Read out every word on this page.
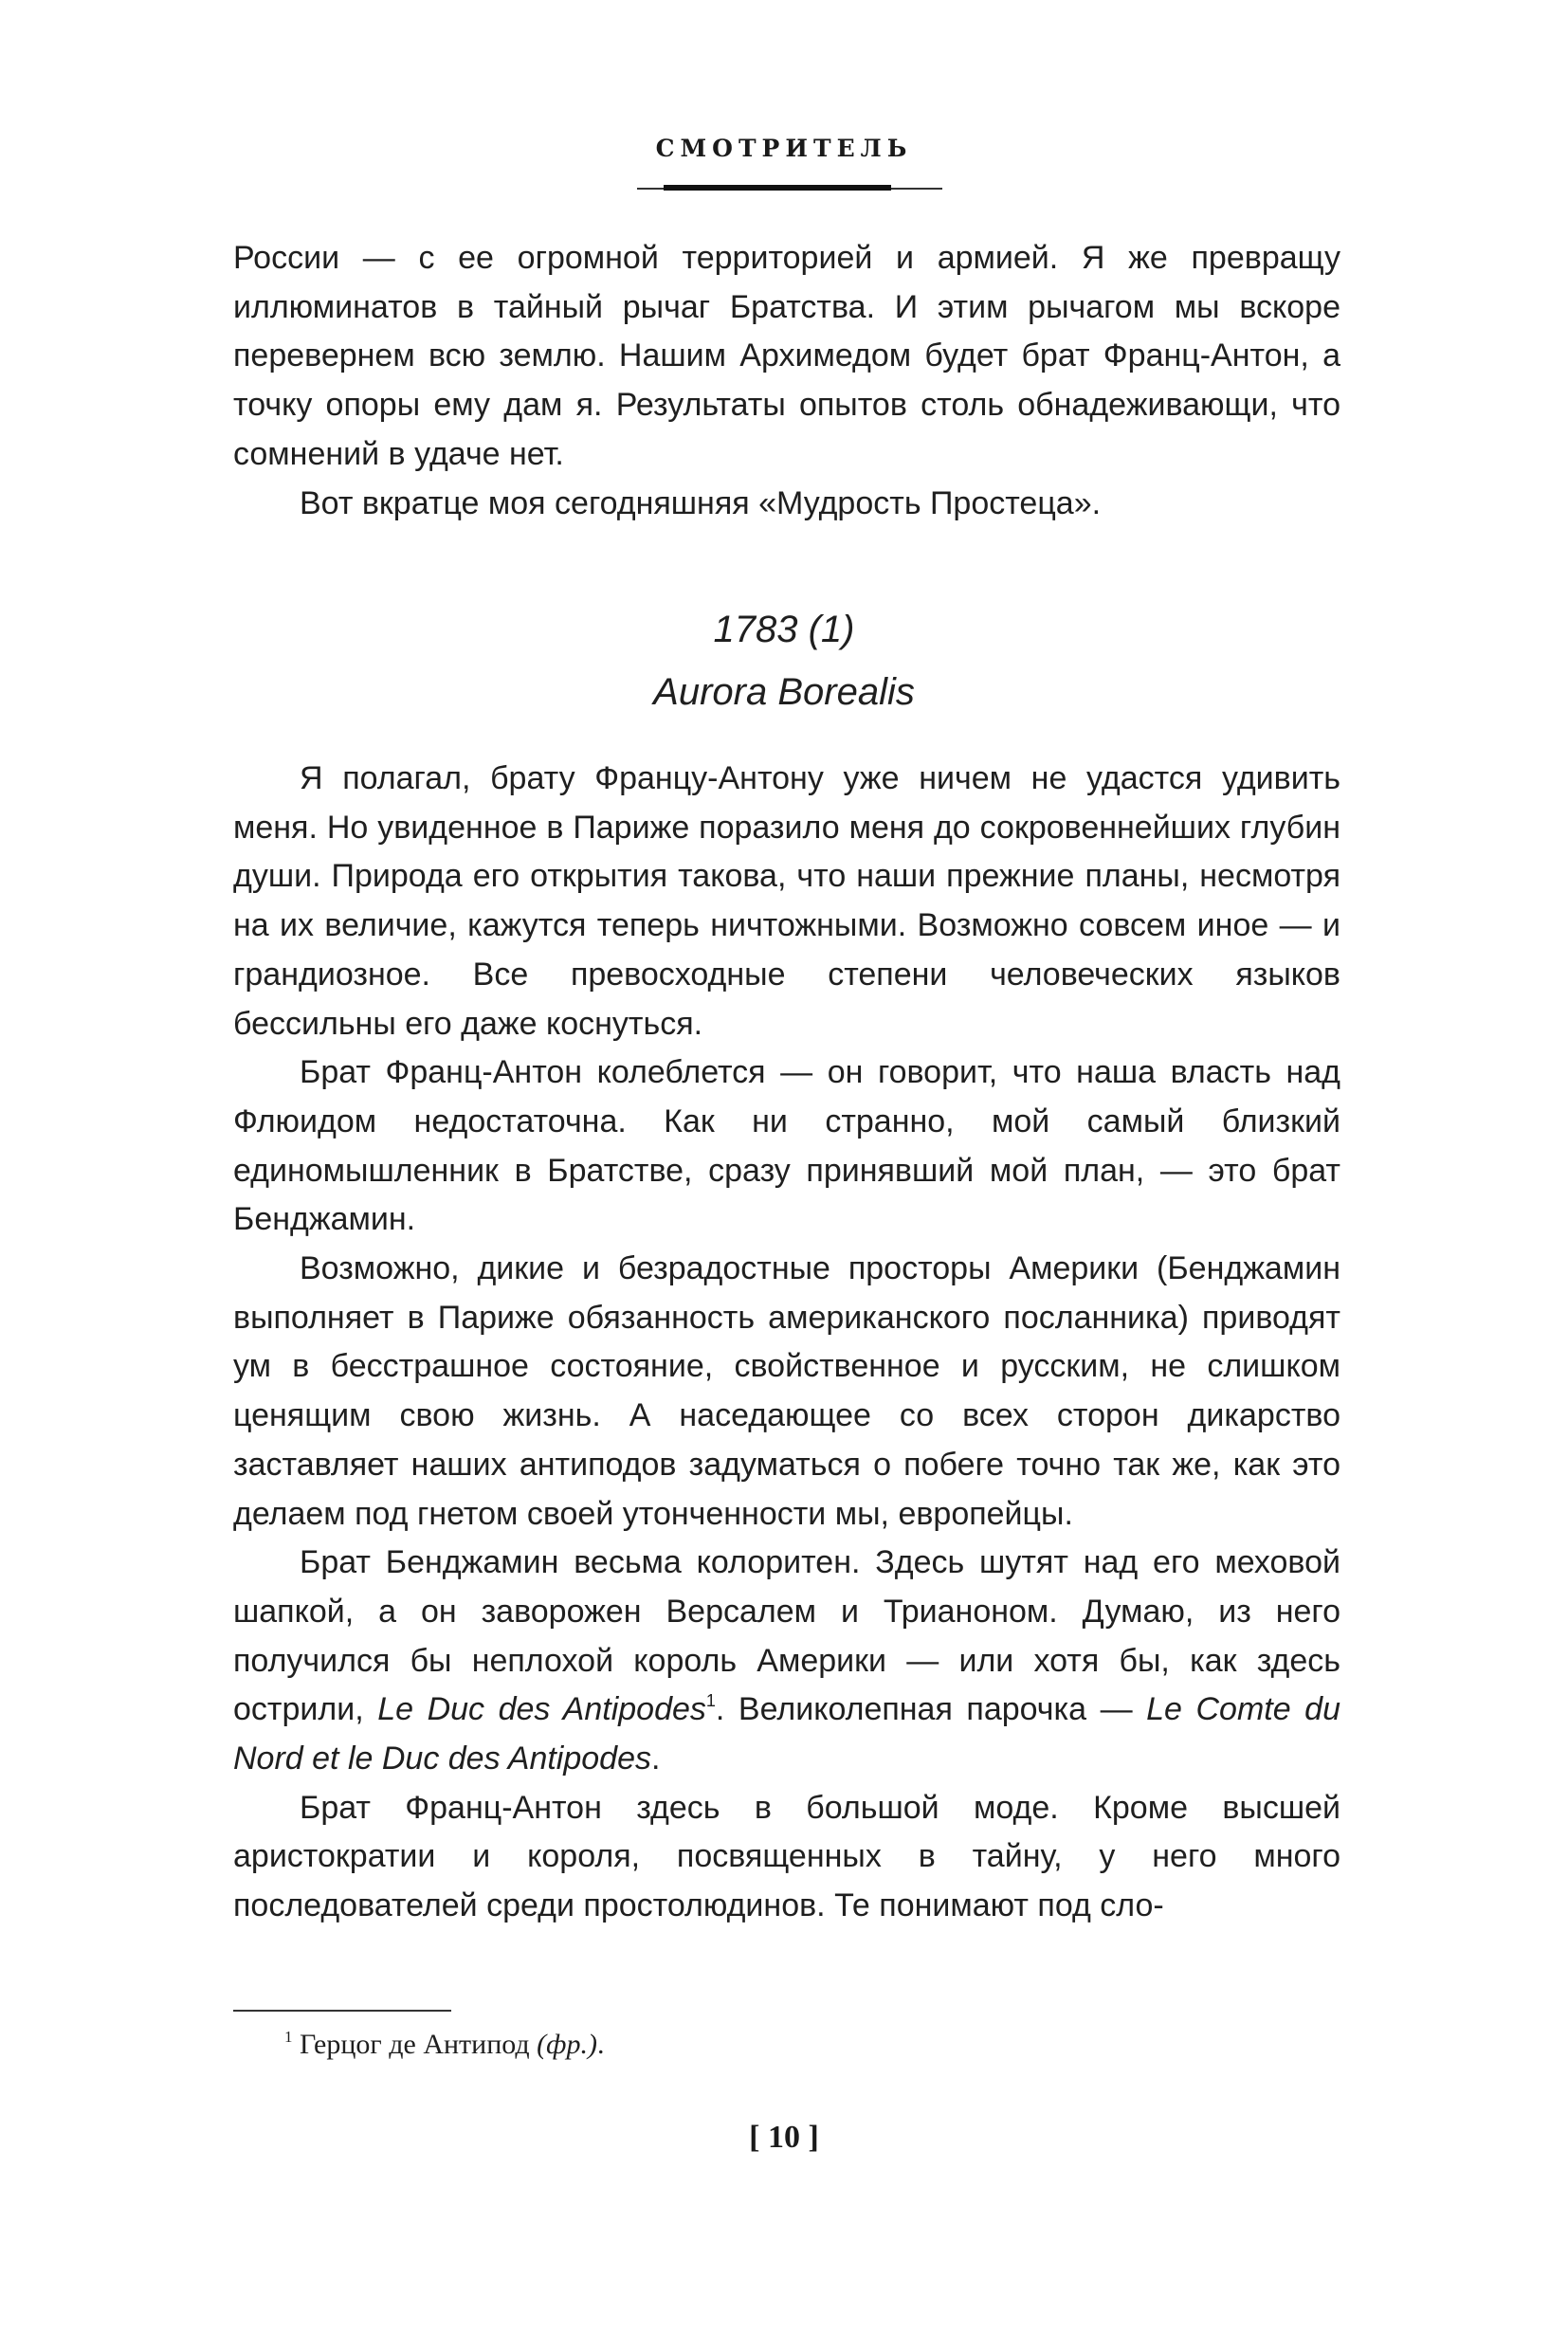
СМОТРИТЕЛЬ

России — с ее огромной территорией и армией. Я же превращу иллюминатов в тайный рычаг Братства. И этим рычагом мы вскоре перевернем всю землю. Нашим Архимедом будет брат Франц-Антон, а точку опоры ему дам я. Результаты опытов столь обнадеживающи, что сомнений в удаче нет.

Вот вкратце моя сегодняшняя «Мудрость Простеца».

1783 (1)
Aurora Borealis

Я полагал, брату Францу-Антону уже ничем не удастся удивить меня. Но увиденное в Париже поразило меня до сокровеннейших глубин души. Природа его открытия такова, что наши прежние планы, несмотря на их величие, кажутся теперь ничтожными. Возможно совсем иное — и грандиозное. Все превосходные степени человеческих языков бессильны его даже коснуться.

Брат Франц-Антон колеблется — он говорит, что наша власть над Флюидом недостаточна. Как ни странно, мой самый близкий единомышленник в Братстве, сразу принявший мой план, — это брат Бенджамин.

Возможно, дикие и безрадостные просторы Америки (Бенджамин выполняет в Париже обязанность американского посланника) приводят ум в бесстрашное состояние, свойственное и русским, не слишком ценящим свою жизнь. А наседающее со всех сторон дикарство заставляет наших антиподов задуматься о побеге точно так же, как это делаем под гнетом своей утонченности мы, европейцы.

Брат Бенджамин весьма колоритен. Здесь шутят над его меховой шапкой, а он заворожен Версалем и Трианоном. Думаю, из него получился бы неплохой король Америки — или хотя бы, как здесь острили, Le Duc des Antipodes$^1$. Великолепная парочка — Le Comte du Nord et le Duc des Antipodes.

Брат Франц-Антон здесь в большой моде. Кроме высшей аристократии и короля, посвященных в тайну, у него много последователей среди простолюдинов. Те понимают под сло-

$^1$ Герцог де Антипод (фр.).
[ 10 ]
